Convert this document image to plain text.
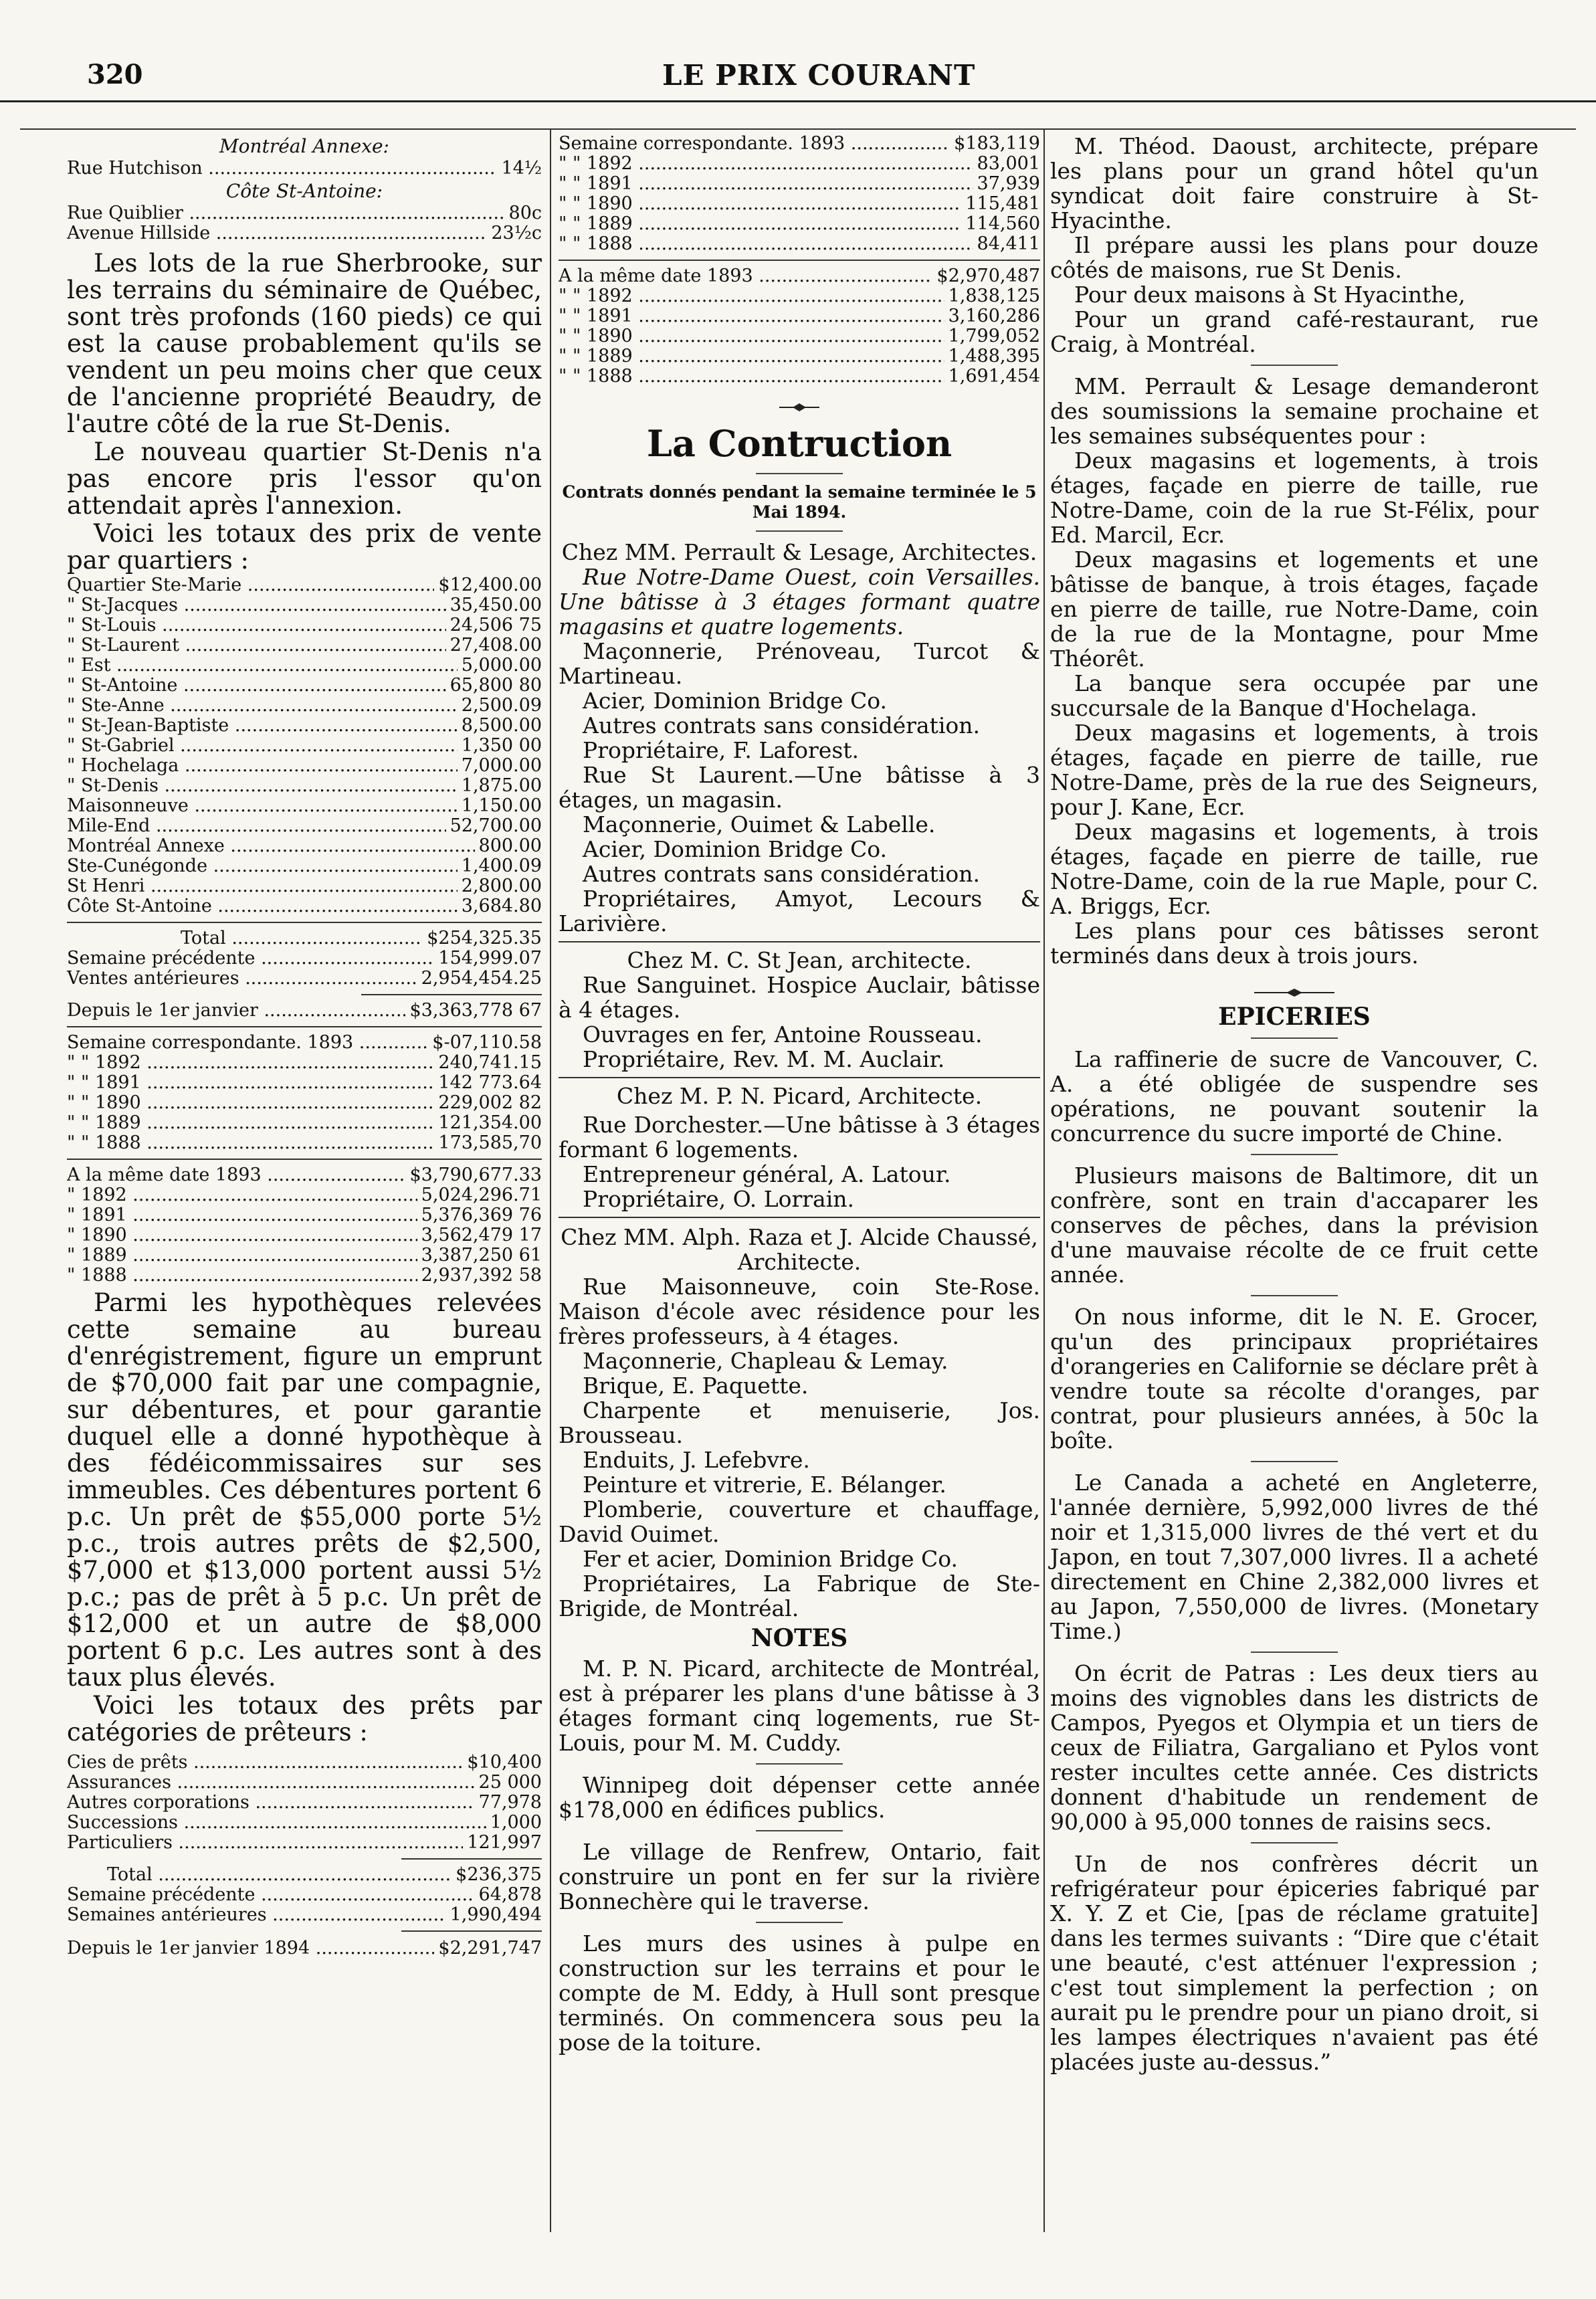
320	LE PRIX COURANT
Montréal Annexe:
Rue Hutchison .....	14½
Côte St-Antoine:
Rue Quiblier .....	80c
Avenue Hillside .....	23½c

Les lots de la rue Sherbrooke, sur les terrains du séminaire de Québec, sont très profonds (160 pieds) ce qui est la cause probablement qu'ils se vendent un peu moins cher que ceux de l'ancienne propriété Beaudry, de l'autre côté de la rue St-Denis.

Le nouveau quartier St-Denis n'a pas encore pris l'essor qu'on attendait après l'annexion.

Voici les totaux des prix de vente par quartiers :

Quartier Ste-Marie .....	$12,400.00
" St-Jacques .....	35,450.00
" St-Louis .....	24,506 75
" St-Laurent .....	27,408.00
" Est .....	5,000.00
" St-Antoine .....	65,800 80
" Ste-Anne .....	2,500.09
" St-Jean-Baptiste .....	8,500.00
" St-Gabriel .....	1,350 00
" Hochelaga .....	7,000.00
" St-Denis .....	1,875.00
Maisonneuve .....	1,150.00
Mile-End .....	52,700.00
Montréal Annexe .....	800.00
Ste-Cunégonde .....	1,400.09
St Henri .....	2,800.00
Côte St-Antoine .....	3,684.80
Total .....	$254,325.35
Semaine précédente .....	154,999.07
Ventes antérieures .....	2,954,454.25
Depuis le 1er janvier .....	$3,363,778 67
Semaine correspondante. 1893 .....	$-07,110.58
" " 1892 .....	240,741.15
" " 1891 .....	142 773.64
" " 1890 .....	229,002 82
" " 1889 .....	121,354.00
" " 1888 .....	173,585,70
A la même date 1893 .....	$3,790,677.33
" 1892 .....	5,024,296.71
" 1891 .....	5,376,369 76
" 1890 .....	3,562,479 17
" 1889 .....	3,387,250 61
" 1888 .....	2,937,392 58

Parmi les hypothèques relevées cette semaine au bureau d'enrégistrement, figure un emprunt de $70,000 fait par une compagnie, sur débentures, et pour garantie duquel elle a donné hypothèque à des fédéicommissaires sur ses immeubles. Ces débentures portent 6 p.c. Un prêt de $55,000 porte 5½ p.c., trois autres prêts de $2,500, $7,000 et $13,000 portent aussi 5½ p.c.; pas de prêt à 5 p.c. Un prêt de $12,000 et un autre de $8,000 portent 6 p.c. Les autres sont à des taux plus élevés.

Voici les totaux des prêts par catégories de prêteurs :

Cies de prêts .....	$10,400
Assurances .....	25 000
Autres corporations .....	77,978
Successions .....	1,000
Particuliers .....	121,997
Total .....	$236,375
Semaine précédente .....	64,878
Semaines antérieures .....	1,990,494
Depuis le 1er janvier 1894 .....	$2,291,747
Semaine correspondante. 1893 .....	$183,119
" " 1892 .....	83,001
" " 1891 .....	37,939
" " 1890 .....	115,481
" " 1889 .....	114,560
" " 1888 .....	84,411
A la même date 1893 .....	$2,970,487
" " 1892 .....	1,838,125
" " 1891 .....	3,160,286
" " 1890 .....	1,799,052
" " 1889 .....	1,488,395
" " 1888 .....	1,691,454
La Contruction
Contrats donnés pendant la semaine terminée le 5 Mai 1894.

Chez MM. Perrault & Lesage, Architectes.

Rue Notre-Dame Ouest, coin Versailles. Une bâtisse à 3 étages formant quatre magasins et quatre logements.

Maçonnerie, Prénoveau, Turcot & Martineau.

Acier, Dominion Bridge Co.

Autres contrats sans considération.

Propriétaire, F. Laforest.

Rue St Laurent.—Une bâtisse à 3 étages, un magasin.

Maçonnerie, Ouimet & Labelle.

Acier, Dominion Bridge Co.

Autres contrats sans considération.

Propriétaires, Amyot, Lecours & Larivière.

Chez M. C. St Jean, architecte.

Rue Sanguinet. Hospice Auclair, bâtisse à 4 étages.

Ouvrages en fer, Antoine Rousseau.

Propriétaire, Rev. M. M. Auclair.

Chez M. P. N. Picard, Architecte.

Rue Dorchester.—Une bâtisse à 3 étages formant 6 logements.

Entrepreneur général, A. Latour.

Propriétaire, O. Lorrain.

Chez MM. Alph. Raza et J. Alcide Chaussé, Architecte.

Rue Maisonneuve, coin Ste-Rose. Maison d'école avec résidence pour les frères professeurs, à 4 étages.

Maçonnerie, Chapleau & Lemay.

Brique, E. Paquette.

Charpente et menuiserie, Jos. Brousseau.

Enduits, J. Lefebvre.

Peinture et vitrerie, E. Bélanger.

Plomberie, couverture et chauffage, David Ouimet.

Fer et acier, Dominion Bridge Co.

Propriétaires, La Fabrique de Ste-Brigide, de Montréal.

NOTES

M. P. N. Picard, architecte de Montréal, est à préparer les plans d'une bâtisse à 3 étages formant cinq logements, rue St-Louis, pour M. M. Cuddy.

Winnipeg doit dépenser cette année $178,000 en édifices publics.

Le village de Renfrew, Ontario, fait construire un pont en fer sur la rivière Bonnechère qui le traverse.

Les murs des usines à pulpe en construction sur les terrains et pour le compte de M. Eddy, à Hull sont presque terminés. On commencera sous peu la pose de la toiture.

M. Théod. Daoust, architecte, prépare les plans pour un grand hôtel qu'un syndicat doit faire construire à St-Hyacinthe.

Il prépare aussi les plans pour douze côtés de maisons, rue St Denis.

Pour deux maisons à St Hyacinthe,

Pour un grand café-restaurant, rue Craig, à Montréal.

MM. Perrault & Lesage demanderont des soumissions la semaine prochaine et les semaines subséquentes pour :

Deux magasins et logements, à trois étages, façade en pierre de taille, rue Notre-Dame, coin de la rue St-Félix, pour Ed. Marcil, Ecr.

Deux magasins et logements et une bâtisse de banque, à trois étages, façade en pierre de taille, rue Notre-Dame, coin de la rue de la Montagne, pour Mme Théorêt.

La banque sera occupée par une succursale de la Banque d'Hochelaga.

Deux magasins et logements, à trois étages, façade en pierre de taille, rue Notre-Dame, près de la rue des Seigneurs, pour J. Kane, Ecr.

Deux magasins et logements, à trois étages, façade en pierre de taille, rue Notre-Dame, coin de la rue Maple, pour C. A. Briggs, Ecr.

Les plans pour ces bâtisses seront terminés dans deux à trois jours.

EPICERIES

La raffinerie de sucre de Vancouver, C. A. a été obligée de suspendre ses opérations, ne pouvant soutenir la concurrence du sucre importé de Chine.

Plusieurs maisons de Baltimore, dit un confrère, sont en train d'accaparer les conserves de pêches, dans la prévision d'une mauvaise récolte de ce fruit cette année.

On nous informe, dit le N. E. Grocer, qu'un des principaux propriétaires d'orangeries en Californie se déclare prêt à vendre toute sa récolte d'oranges, par contrat, pour plusieurs années, à 50c la boîte.

Le Canada a acheté en Angleterre, l'année dernière, 5,992,000 livres de thé noir et 1,315,000 livres de thé vert et du Japon, en tout 7,307,000 livres. Il a acheté directement en Chine 2,382,000 livres et au Japon, 7,550,000 de livres. (Monetary Time.)

On écrit de Patras : Les deux tiers au moins des vignobles dans les districts de Campos, Pyegos et Olympia et un tiers de ceux de Filiatra, Gargaliano et Pylos vont rester incultes cette année. Ces districts donnent d'habitude un rendement de 90,000 à 95,000 tonnes de raisins secs.

Un de nos confrères décrit un refrigérateur pour épiceries fabriqué par X. Y. Z et Cie, [pas de réclame gratuite] dans les termes suivants : “Dire que c'était une beauté, c'est atténuer l'expression ; c'est tout simplement la perfection ; on aurait pu le prendre pour un piano droit, si les lampes électriques n'avaient pas été placées juste au-dessus.”
